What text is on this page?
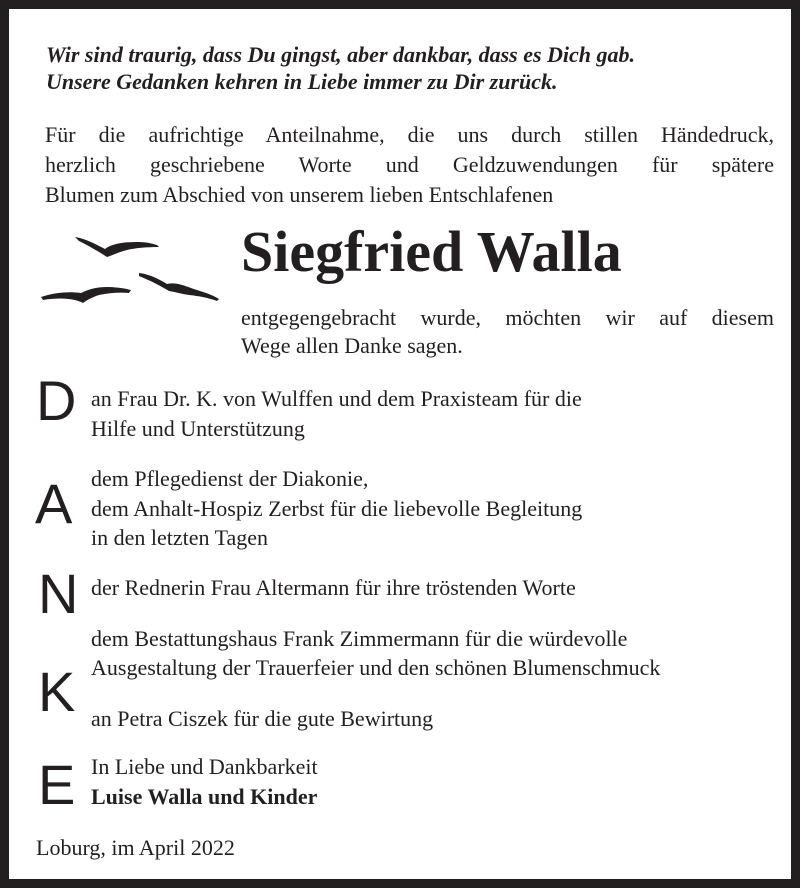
Wir sind traurig, dass Du gingst, aber dankbar, dass es Dich gab.
Unsere Gedanken kehren in Liebe immer zu Dir zurück.
Für die aufrichtige Anteilnahme, die uns durch stillen Händedruck,
herzlich geschriebene Worte und Geldzuwendungen für spätere
Blumen zum Abschied von unserem lieben Entschlafenen
Siegfried Walla
entgegengebracht wurde, möchten wir auf diesem
Wege allen Danke sagen.
D
A
N
K
E
an Frau Dr. K. von Wulffen und dem Praxisteam für die
Hilfe und Unterstützung
dem Pflegedienst der Diakonie,
dem Anhalt-Hospiz Zerbst für die liebevolle Begleitung
in den letzten Tagen
der Rednerin Frau Altermann für ihre tröstenden Worte
dem Bestattungshaus Frank Zimmermann für die würdevolle
Ausgestaltung der Trauerfeier und den schönen Blumenschmuck
an Petra Ciszek für die gute Bewirtung
In Liebe und Dankbarkeit
Luise Walla und Kinder
Loburg, im April 2022
